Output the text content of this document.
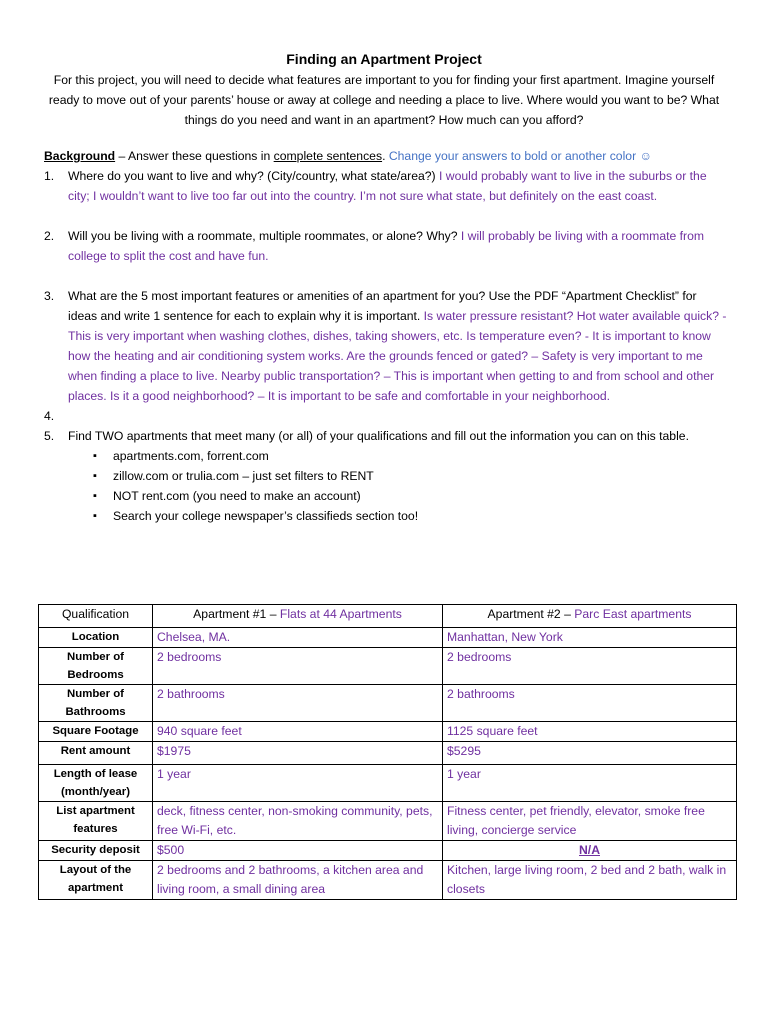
Finding an Apartment Project
For this project, you will need to decide what features are important to you for finding your first apartment. Imagine yourself ready to move out of your parents’ house or away at college and needing a place to live. Where would you want to be? What things do you need and want in an apartment? How much can you afford?
Background – Answer these questions in complete sentences. Change your answers to bold or another color ☺
1. Where do you want to live and why? (City/country, what state/area?) I would probably want to live in the suburbs or the city; I wouldn’t want to live too far out into the country. I’m not sure what state, but definitely on the east coast.
2. Will you be living with a roommate, multiple roommates, or alone? Why? I will probably be living with a roommate from college to split the cost and have fun.
3. What are the 5 most important features or amenities of an apartment for you? Use the PDF “Apartment Checklist” for ideas and write 1 sentence for each to explain why it is important. Is water pressure resistant? Hot water available quick? - This is very important when washing clothes, dishes, taking showers, etc. Is temperature even? - It is important to know how the heating and air conditioning system works. Are the grounds fenced or gated? – Safety is very important to me when finding a place to live. Nearby public transportation? – This is important when getting to and from school and other places. Is it a good neighborhood? – It is important to be safe and comfortable in your neighborhood.
4.
5. Find TWO apartments that meet many (or all) of your qualifications and fill out the information you can on this table.
▪ apartments.com, forrent.com
▪ zillow.com or trulia.com – just set filters to RENT
▪ NOT rent.com (you need to make an account)
▪ Search your college newspaper’s classifieds section too!
Qualification	Apartment #1 – Flats at 44 Apartments	Apartment #2 – Parc East apartments
Location	Chelsea, MA.	Manhattan, New York
Number of Bedrooms	2 bedrooms	2 bedrooms
Number of Bathrooms	2 bathrooms	2 bathrooms
Square Footage	940 square feet	1125 square feet
Rent amount	$1975	$5295
Length of lease (month/year)	1 year	1 year
List apartment features	deck, fitness center, non-smoking community, pets, free Wi-Fi, etc.	Fitness center, pet friendly, elevator, smoke free living, concierge service
Security deposit	$500	N/A
Layout of the apartment	2 bedrooms and 2 bathrooms, a kitchen area and living room, a small dining area	Kitchen, large living room, 2 bed and 2 bath, walk in closets
